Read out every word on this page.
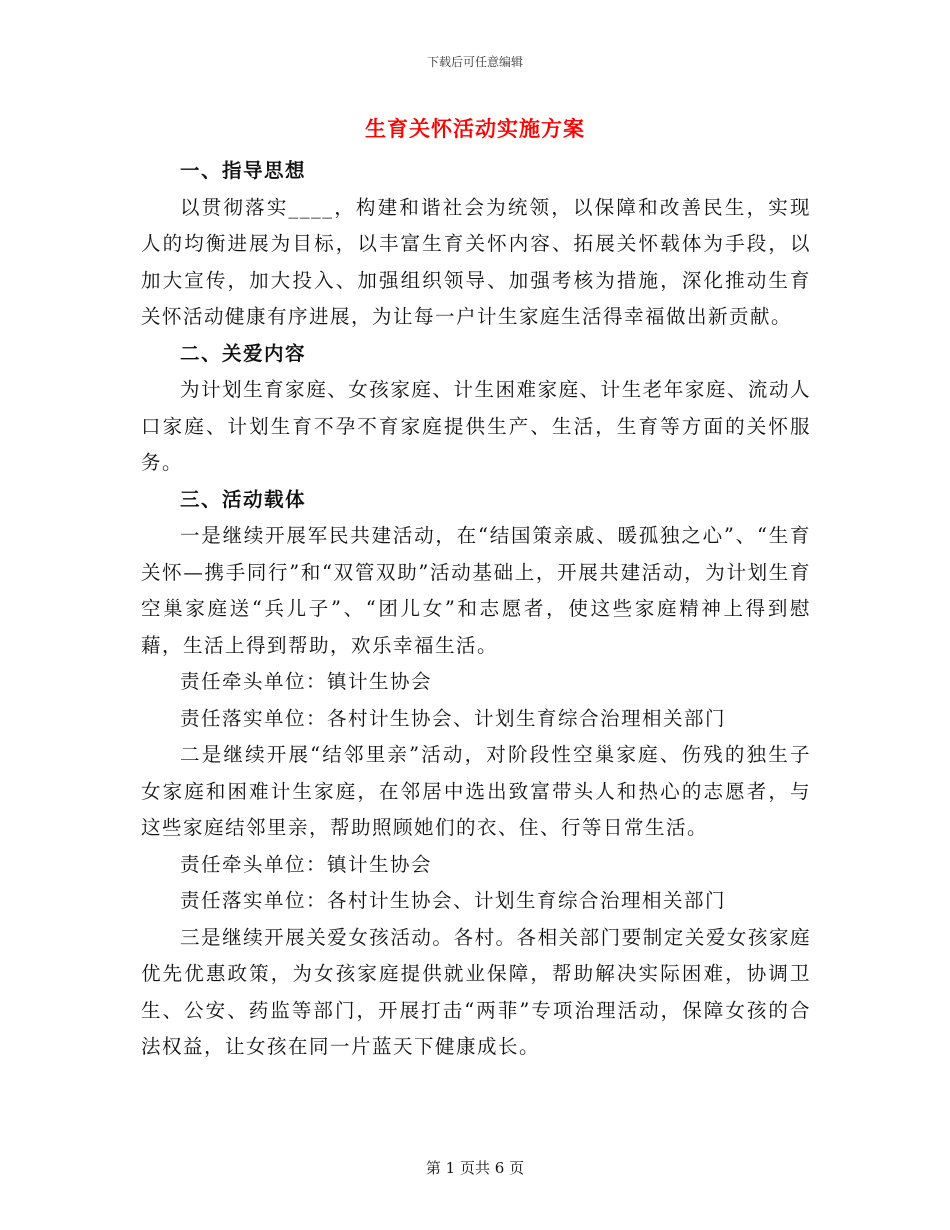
下载后可任意编辑
生育关怀活动实施方案
一、指导思想

以贯彻落实____，构建和谐社会为统领，以保障和改善民生，实现人的均衡进展为目标，以丰富生育关怀内容、拓展关怀载体为手段，以加大宣传，加大投入、加强组织领导、加强考核为措施，深化推动生育关怀活动健康有序进展，为让每一户计生家庭生活得幸福做出新贡献。

二、关爱内容

为计划生育家庭、女孩家庭、计生困难家庭、计生老年家庭、流动人口家庭、计划生育不孕不育家庭提供生产、生活，生育等方面的关怀服务。

三、活动载体

一是继续开展军民共建活动，在“结国策亲戚、暖孤独之心”、“生育关怀—携手同行”和“双管双助”活动基础上，开展共建活动，为计划生育空巢家庭送“兵儿子”、“团儿女”和志愿者，使这些家庭精神上得到慰藉，生活上得到帮助，欢乐幸福生活。

责任牵头单位：镇计生协会

责任落实单位：各村计生协会、计划生育综合治理相关部门

二是继续开展“结邻里亲”活动，对阶段性空巢家庭、伤残的独生子女家庭和困难计生家庭，在邻居中选出致富带头人和热心的志愿者，与这些家庭结邻里亲，帮助照顾她们的衣、住、行等日常生活。

责任牵头单位：镇计生协会

责任落实单位：各村计生协会、计划生育综合治理相关部门

三是继续开展关爱女孩活动。各村。各相关部门要制定关爱女孩家庭优先优惠政策，为女孩家庭提供就业保障，帮助解决实际困难，协调卫生、公安、药监等部门，开展打击“两菲”专项治理活动，保障女孩的合法权益，让女孩在同一片蓝天下健康成长。

第 1 页共 6 页
